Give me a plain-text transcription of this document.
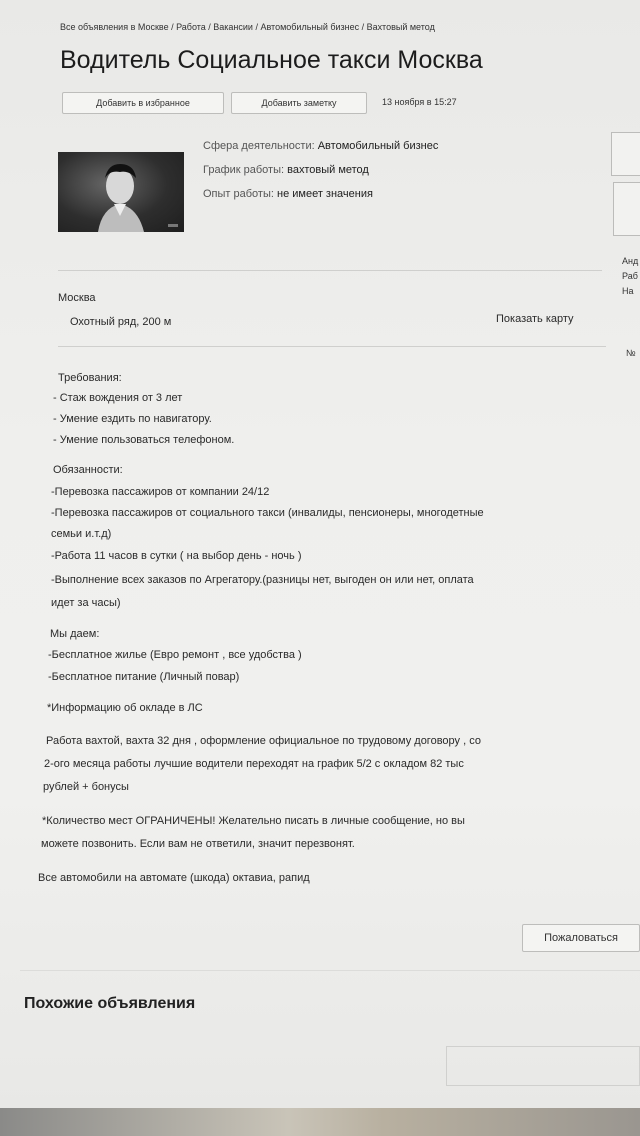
Все объявления в Москве / Работа / Вакансии / Автомобильный бизнес / Вахтовый метод
Водитель Социальное такси Москва
Добавить в избранное	Добавить заметку	13 ноября в 15:27
Сфера деятельности: Автомобильный бизнес
График работы: вахтовый метод
Опыт работы: не имеет значения
Анд
Раб
На
№
Москва
Охотный ряд, 200 м	Показать карту
Требования:
- Стаж вождения от 3 лет
- Умение ездить по навигатору.
- Умение пользоваться телефоном.
Обязанности:
-Перевозка пассажиров от компании 24/12
-Перевозка пассажиров от социального такси (инвалиды, пенсионеры, многодетные
семьи и.т.д)
-Работа 11 часов в сутки ( на выбор день - ночь )
-Выполнение всех заказов по Агрегатору.(разницы нет, выгоден он или нет, оплата
идет за часы)
Мы даем:
-Бесплатное жилье (Евро ремонт , все удобства )
-Бесплатное питание (Личный повар)
*Информацию об окладе в ЛС
Работа вахтой, вахта 32 дня , оформление официальное по трудовому договору , со
2-ого месяца работы лучшие водители переходят на график 5/2 с окладом 82 тыс
рублей + бонусы
*Количество мест ОГРАНИЧЕНЫ! Желательно писать в личные сообщение, но вы
можете позвонить. Если вам не ответили, значит перезвонят.
Все автомобили на автомате (шкода) октавиа, рапид
Пожаловаться
Похожие объявления
